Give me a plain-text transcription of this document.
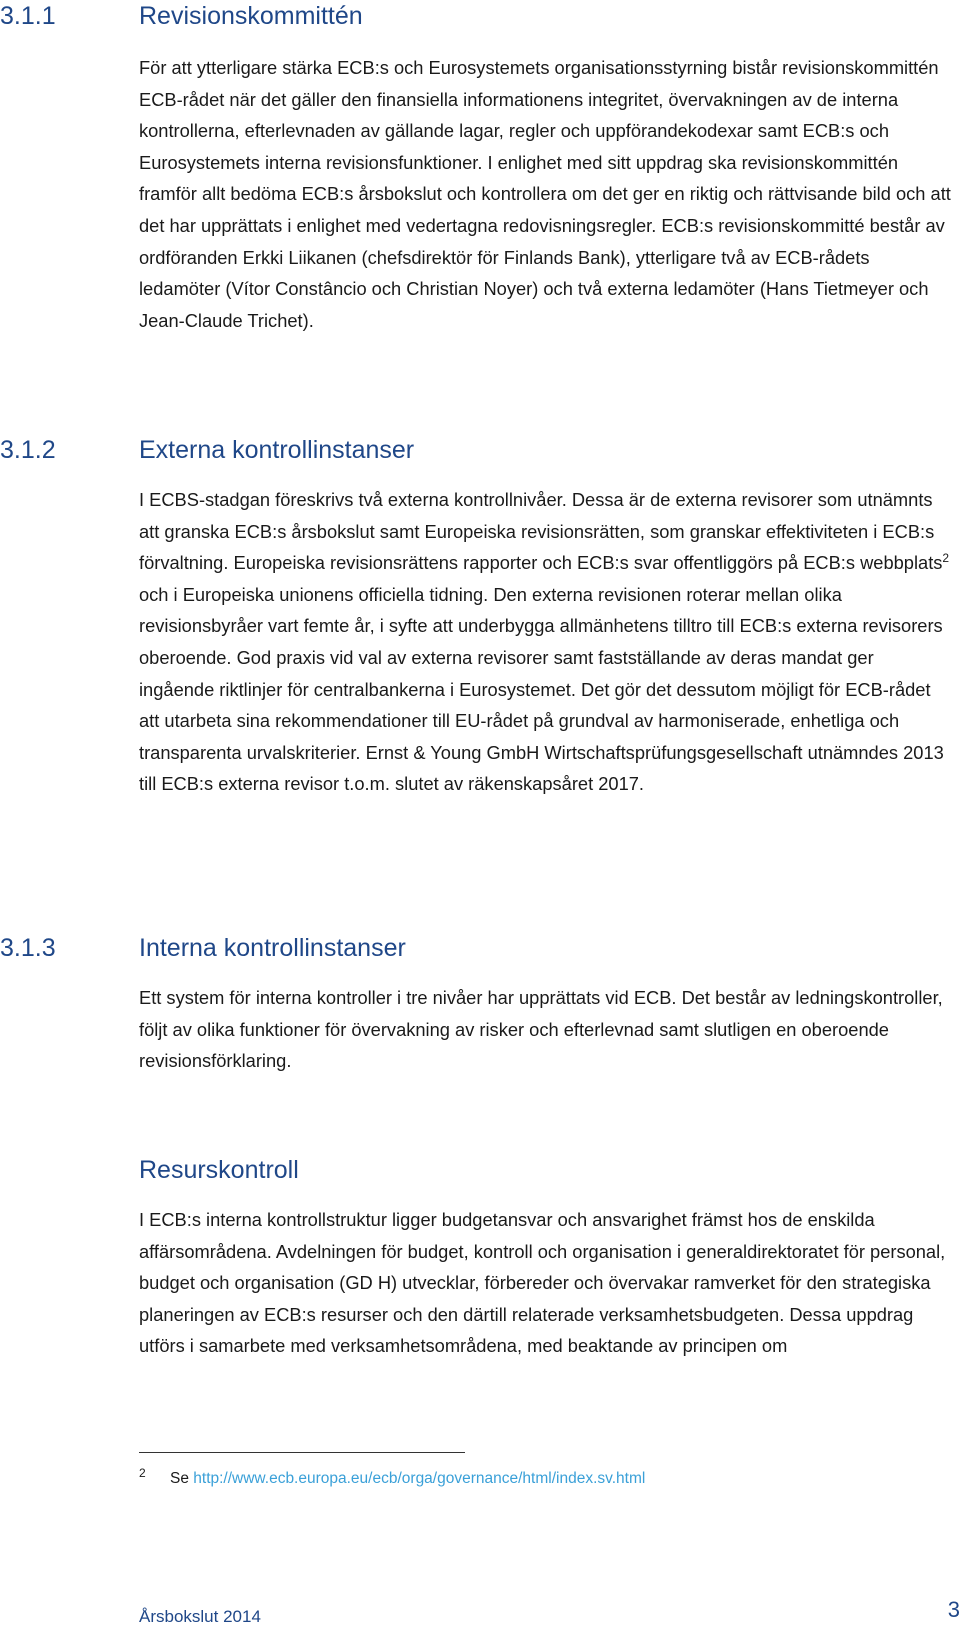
3.1.1	Revisionskommittén

För att ytterligare stärka ECB:s och Eurosystemets organisationsstyrning bistår revisionskommittén ECB-rådet när det gäller den finansiella informationens integritet, övervakningen av de interna kontrollerna, efterlevnaden av gällande lagar, regler och uppförandekodexar samt ECB:s och Eurosystemets interna revisionsfunktioner. I enlighet med sitt uppdrag ska revisionskommittén framför allt bedöma ECB:s årsbokslut och kontrollera om det ger en riktig och rättvisande bild och att det har upprättats i enlighet med vedertagna redovisningsregler. ECB:s revisionskommitté består av ordföranden Erkki Liikanen (chefsdirektör för Finlands Bank), ytterligare två av ECB-rådets ledamöter (Vítor Constâncio och Christian Noyer) och två externa ledamöter (Hans Tietmeyer och Jean-Claude Trichet).

3.1.2	Externa kontrollinstanser

I ECBS-stadgan föreskrivs två externa kontrollnivåer. Dessa är de externa revisorer som utnämnts att granska ECB:s årsbokslut samt Europeiska revisionsrätten, som granskar effektiviteten i ECB:s förvaltning. Europeiska revisionsrättens rapporter och ECB:s svar offentliggörs på ECB:s webbplats$^2$ och i Europeiska unionens officiella tidning. Den externa revisionen roterar mellan olika revisionsbyråer vart femte år, i syfte att underbygga allmänhetens tilltro till ECB:s externa revisorers oberoende. God praxis vid val av externa revisorer samt fastställande av deras mandat ger ingående riktlinjer för centralbankerna i Eurosystemet. Det gör det dessutom möjligt för ECB-rådet att utarbeta sina rekommendationer till EU-rådet på grundval av harmoniserade, enhetliga och transparenta urvalskriterier. Ernst & Young GmbH Wirtschaftsprüfungsgesellschaft utnämndes 2013 till ECB:s externa revisor t.o.m. slutet av räkenskapsåret 2017.

3.1.3	Interna kontrollinstanser

Ett system för interna kontroller i tre nivåer har upprättats vid ECB. Det består av ledningskontroller, följt av olika funktioner för övervakning av risker och efterlevnad samt slutligen en oberoende revisionsförklaring.

Resurskontroll

I ECB:s interna kontrollstruktur ligger budgetansvar och ansvarighet främst hos de enskilda affärsområdena. Avdelningen för budget, kontroll och organisation i generaldirektoratet för personal, budget och organisation (GD H) utvecklar, förbereder och övervakar ramverket för den strategiska planeringen av ECB:s resurser och den därtill relaterade verksamhetsbudgeten. Dessa uppdrag utförs i samarbete med verksamhetsområdena, med beaktande av principen om

2 Se http://www.ecb.europa.eu/ecb/orga/governance/html/index.sv.html
Årsbokslut 2014	3
